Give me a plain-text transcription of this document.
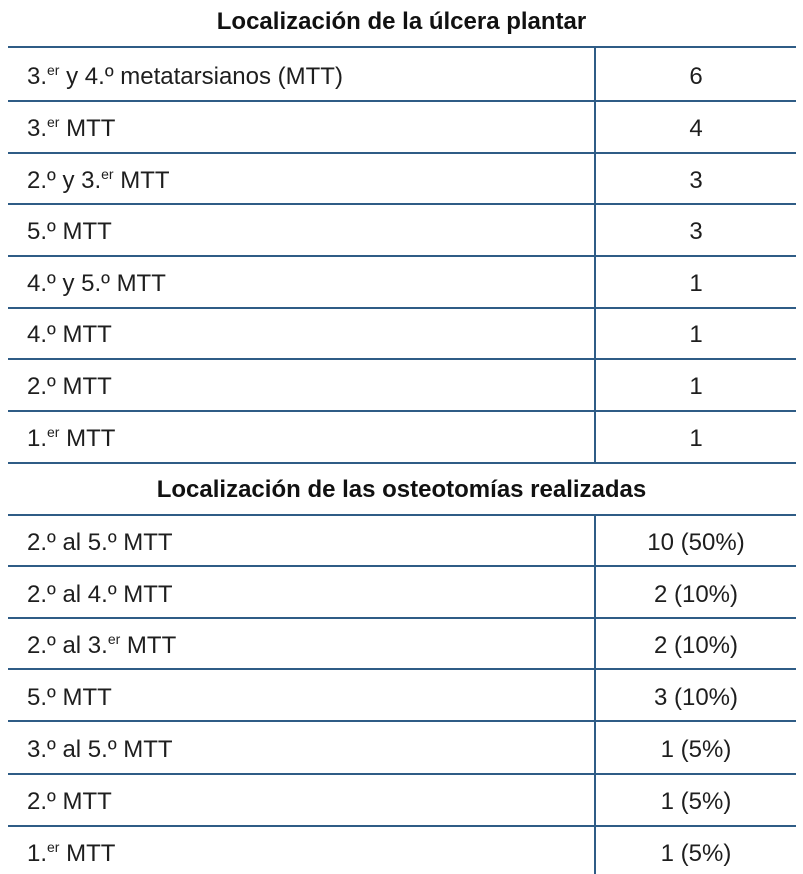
Localización de la úlcera plantar
3.$^{er}$ y 4.º metatarsianos (MTT)	6
3.$^{er}$ MTT	4
2.º y 3.$^{er}$ MTT	3
5.º MTT	3
4.º y 5.º MTT	1
4.º MTT	1
2.º MTT	1
1.$^{er}$ MTT	1
Localización de las osteotomías realizadas
2.º al 5.º MTT	10 (50%)
2.º al 4.º MTT	2 (10%)
2.º al 3.$^{er}$ MTT	2 (10%)
5.º MTT	3 (10%)
3.º al 5.º MTT	1 (5%)
2.º MTT	1 (5%)
1.$^{er}$ MTT	1 (5%)
